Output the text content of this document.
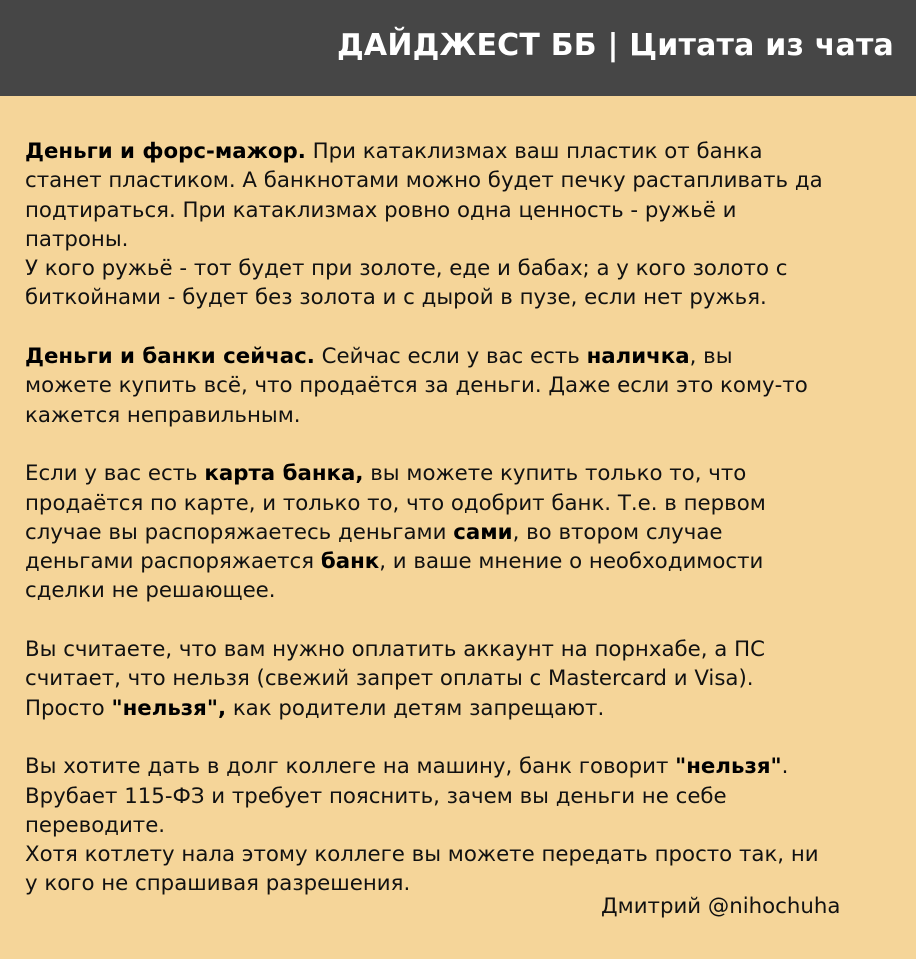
ДАЙДЖЕСТ ББ | Цитата из чата

Деньги и форс-мажор. При катаклизмах ваш пластик от банка
станет пластиком. А банкнотами можно будет печку растапливать да
подтираться. При катаклизмах ровно одна ценность - ружьё и
патроны.
У кого ружьё - тот будет при золоте, еде и бабах; а у кого золото с
биткойнами - будет без золота и с дырой в пузе, если нет ружья.

Деньги и банки сейчас. Сейчас если у вас есть наличка, вы
можете купить всё, что продаётся за деньги. Даже если это кому-то
кажется неправильным.

Если у вас есть карта банка, вы можете купить только то, что
продаётся по карте, и только то, что одобрит банк. Т.е. в первом
случае вы распоряжаетесь деньгами сами, во втором случае
деньгами распоряжается банк, и ваше мнение о необходимости
сделки не решающее.

Вы считаете, что вам нужно оплатить аккаунт на порнхабе, а ПС
считает, что нельзя (свежий запрет оплаты с Mastercard и Visa).
Просто "нельзя", как родители детям запрещают.

Вы хотите дать в долг коллеге на машину, банк говорит "нельзя".
Врубает 115-ФЗ и требует пояснить, зачем вы деньги не себе
переводите.
Хотя котлету нала этому коллеге вы можете передать просто так, ни
у кого не спрашивая разрешения.

Дмитрий @nihochuha
